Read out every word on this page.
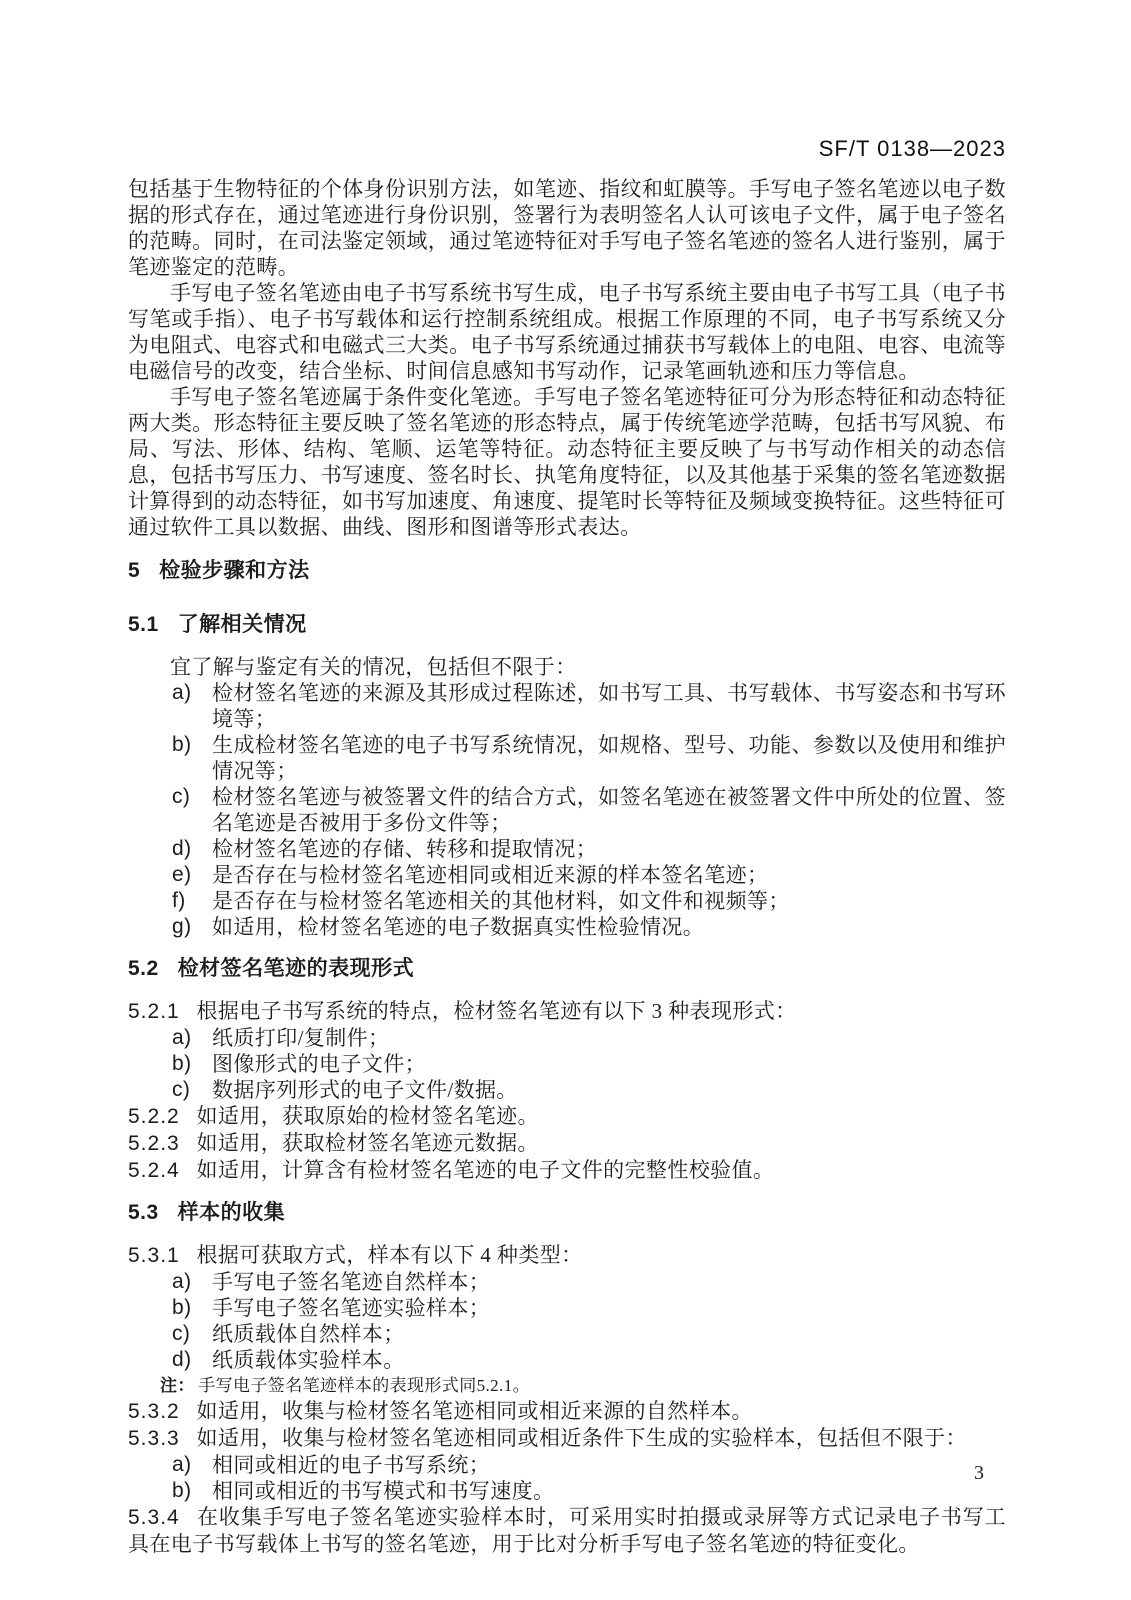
SF/T 0138—2023

包括基于生物特征的个体身份识别方法，如笔迹、指纹和虹膜等。手写电子签名笔迹以电子数据的形式存在，通过笔迹进行身份识别，签署行为表明签名人认可该电子文件，属于电子签名的范畴。同时，在司法鉴定领域，通过笔迹特征对手写电子签名笔迹的签名人进行鉴别，属于笔迹鉴定的范畴。

手写电子签名笔迹由电子书写系统书写生成，电子书写系统主要由电子书写工具（电子书写笔或手指）、电子书写载体和运行控制系统组成。根据工作原理的不同，电子书写系统又分为电阻式、电容式和电磁式三大类。电子书写系统通过捕获书写载体上的电阻、电容、电流等电磁信号的改变，结合坐标、时间信息感知书写动作，记录笔画轨迹和压力等信息。

手写电子签名笔迹属于条件变化笔迹。手写电子签名笔迹特征可分为形态特征和动态特征两大类。形态特征主要反映了签名笔迹的形态特点，属于传统笔迹学范畴，包括书写风貌、布局、写法、形体、结构、笔顺、运笔等特征。动态特征主要反映了与书写动作相关的动态信息，包括书写压力、书写速度、签名时长、执笔角度特征，以及其他基于采集的签名笔迹数据计算得到的动态特征，如书写加速度、角速度、提笔时长等特征及频域变换特征。这些特征可通过软件工具以数据、曲线、图形和图谱等形式表达。

5 检验步骤和方法
5.1 了解相关情况

宜了解与鉴定有关的情况，包括但不限于：

a) 检材签名笔迹的来源及其形成过程陈述，如书写工具、书写载体、书写姿态和书写环境等；
b) 生成检材签名笔迹的电子书写系统情况，如规格、型号、功能、参数以及使用和维护情况等；
c) 检材签名笔迹与被签署文件的结合方式，如签名笔迹在被签署文件中所处的位置、签名笔迹是否被用于多份文件等；
d) 检材签名笔迹的存储、转移和提取情况；
e) 是否存在与检材签名笔迹相同或相近来源的样本签名笔迹；
f) 是否存在与检材签名笔迹相关的其他材料，如文件和视频等；
g) 如适用，检材签名笔迹的电子数据真实性检验情况。
5.2 检材签名笔迹的表现形式

5.2.1 根据电子书写系统的特点，检材签名笔迹有以下 3 种表现形式：

a) 纸质打印/复制件；
b) 图像形式的电子文件；
c) 数据序列形式的电子文件/数据。

5.2.2 如适用，获取原始的检材签名笔迹。

5.2.3 如适用，获取检材签名笔迹元数据。

5.2.4 如适用，计算含有检材签名笔迹的电子文件的完整性校验值。

5.3 样本的收集

5.3.1 根据可获取方式，样本有以下 4 种类型：

a) 手写电子签名笔迹自然样本；
b) 手写电子签名笔迹实验样本；
c) 纸质载体自然样本；
d) 纸质载体实验样本。

注： 手写电子签名笔迹样本的表现形式同5.2.1。

5.3.2 如适用，收集与检材签名笔迹相同或相近来源的自然样本。

5.3.3 如适用，收集与检材签名笔迹相同或相近条件下生成的实验样本，包括但不限于：

a) 相同或相近的电子书写系统；
b) 相同或相近的书写模式和书写速度。

5.3.4 在收集手写电子签名笔迹实验样本时，可采用实时拍摄或录屏等方式记录电子书写工具在电子书写载体上书写的签名笔迹，用于比对分析手写电子签名笔迹的特征变化。

3
